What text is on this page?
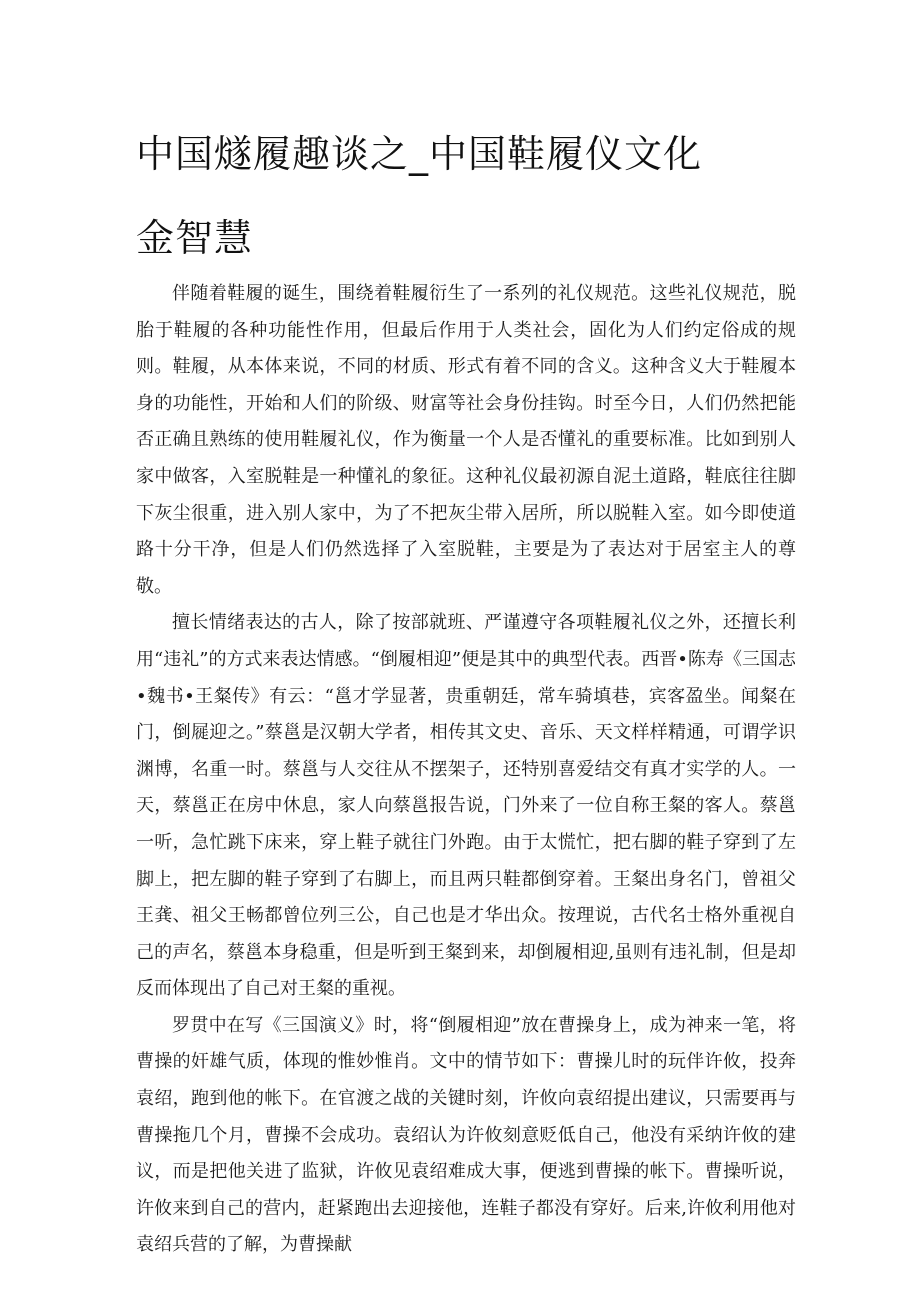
中国燧履趣谈之_中国鞋履仪文化
金智慧

伴随着鞋履的诞生，围绕着鞋履衍生了一系列的礼仪规范。这些礼仪规范，脱胎于鞋履的各种功能性作用，但最后作用于人类社会，固化为人们约定俗成的规则。鞋履，从本体来说，不同的材质、形式有着不同的含义。这种含义大于鞋履本身的功能性，开始和人们的阶级、财富等社会身份挂钩。时至今日，人们仍然把能否正确且熟练的使用鞋履礼仪，作为衡量一个人是否懂礼的重要标准。比如到别人家中做客，入室脱鞋是一种懂礼的象征。这种礼仪最初源自泥土道路，鞋底往往脚下灰尘很重，进入别人家中，为了不把灰尘带入居所，所以脱鞋入室。如今即使道路十分干净，但是人们仍然选择了入室脱鞋，主要是为了表达对于居室主人的尊敬。

擅长情绪表达的古人，除了按部就班、严谨遵守各项鞋履礼仪之外，还擅长利用“违礼”的方式来表达情感。“倒履相迎”便是其中的典型代表。西晋•陈寿《三国志•魏书•王粲传》有云：“邕才学显著，贵重朝廷，常车骑填巷，宾客盈坐。闻粲在门，倒屣迎之。”蔡邕是汉朝大学者，相传其文史、音乐、天文样样精通，可谓学识渊博，名重一时。蔡邕与人交往从不摆架子，还特别喜爱结交有真才实学的人。一天，蔡邕正在房中休息，家人向蔡邕报告说，门外来了一位自称王粲的客人。蔡邕一听，急忙跳下床来，穿上鞋子就往门外跑。由于太慌忙，把右脚的鞋子穿到了左脚上，把左脚的鞋子穿到了右脚上，而且两只鞋都倒穿着。王粲出身名门，曾祖父王龚、祖父王畅都曾位列三公，自己也是才华出众。按理说，古代名士格外重视自己的声名，蔡邕本身稳重，但是听到王粲到来，却倒履相迎,虽则有违礼制，但是却反而体现出了自己对王粲的重视。

罗贯中在写《三国演义》时，将“倒履相迎”放在曹操身上，成为神来一笔，将曹操的奸雄气质，体现的惟妙惟肖。文中的情节如下：曹操儿时的玩伴许攸，投奔袁绍，跑到他的帐下。在官渡之战的关键时刻，许攸向袁绍提出建议，只需要再与曹操拖几个月，曹操不会成功。袁绍认为许攸刻意贬低自己，他没有采纳许攸的建议，而是把他关进了监狱，许攸见袁绍难成大事，便逃到曹操的帐下。曹操听说，许攸来到自己的营内，赶紧跑出去迎接他，连鞋子都没有穿好。后来,许攸利用他对袁绍兵营的了解，为曹操献
